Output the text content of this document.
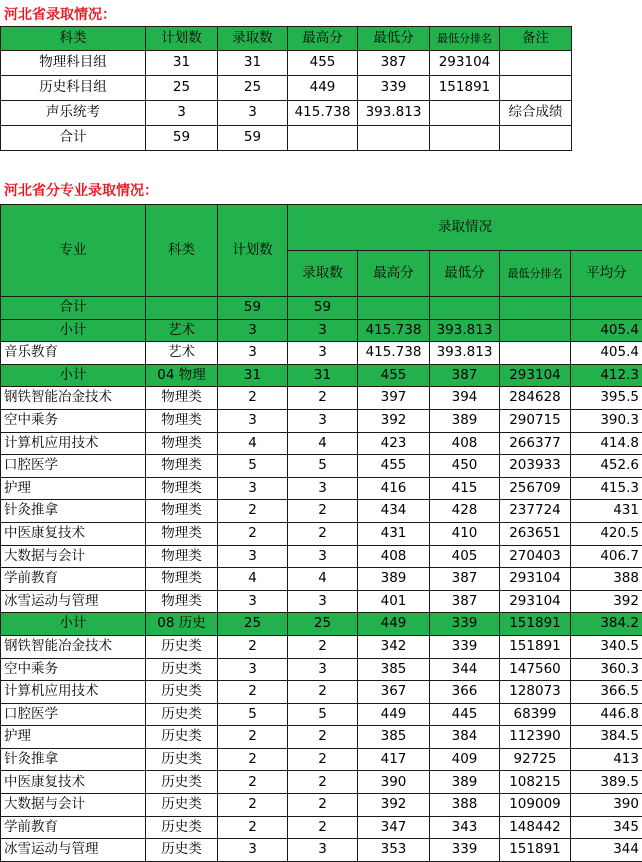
河北省录取情况：
科类	计划数	录取数	最高分	最低分	最低分排名	备注
物理科目组	31	31	455	387	293104	
历史科目组	25	25	449	339	151891	
声乐统考	3	3	415.738	393.813		综合成绩
合计	59	59				
河北省分专业录取情况：
专业	科类	计划数	录取情况				
			录取数	最高分	最低分	最低分排名	平均分
合计		59	59				
小计	艺术	3	3	415.738	393.813		405.4
音乐教育	艺术	3	3	415.738	393.813		405.4
小计	04 物理	31	31	455	387	293104	412.3
钢铁智能冶金技术	物理类	2	2	397	394	284628	395.5
空中乘务	物理类	3	3	392	389	290715	390.3
计算机应用技术	物理类	4	4	423	408	266377	414.8
口腔医学	物理类	5	5	455	450	203933	452.6
护理	物理类	3	3	416	415	256709	415.3
针灸推拿	物理类	2	2	434	428	237724	431
中医康复技术	物理类	2	2	431	410	263651	420.5
大数据与会计	物理类	3	3	408	405	270403	406.7
学前教育	物理类	4	4	389	387	293104	388
冰雪运动与管理	物理类	3	3	401	387	293104	392
小计	08 历史	25	25	449	339	151891	384.2
钢铁智能冶金技术	历史类	2	2	342	339	151891	340.5
空中乘务	历史类	3	3	385	344	147560	360.3
计算机应用技术	历史类	2	2	367	366	128073	366.5
口腔医学	历史类	5	5	449	445	68399	446.8
护理	历史类	2	2	385	384	112390	384.5
针灸推拿	历史类	2	2	417	409	92725	413
中医康复技术	历史类	2	2	390	389	108215	389.5
大数据与会计	历史类	2	2	392	388	109009	390
学前教育	历史类	2	2	347	343	148442	345
冰雪运动与管理	历史类	3	3	353	339	151891	344
